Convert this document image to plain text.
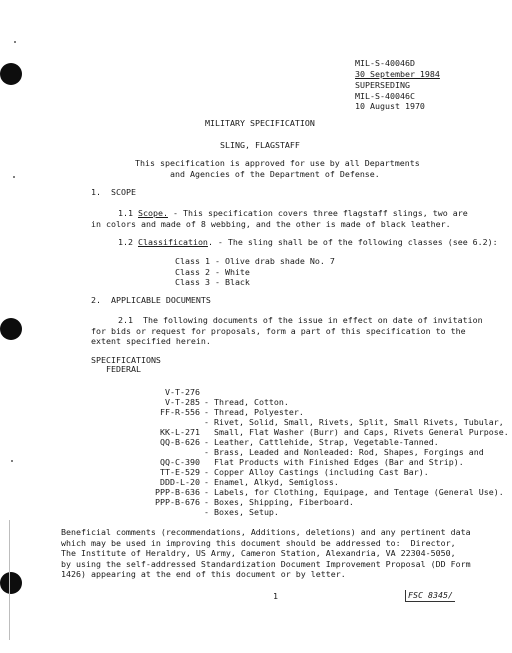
MIL-S-40046D
30 September 1984
SUPERSEDING
MIL-S-40046C
10 August 1970
MILITARY SPECIFICATION
SLING, FLAGSTAFF
This specification is approved for use by all Departments
and Agencies of the Department of Defense.
1.  SCOPE
1.1 Scope. - This specification covers three flagstaff slings, two are
in colors and made of 8 webbing, and the other is made of black leather.
1.2 Classification. - The sling shall be of the following classes (see 6.2):
Class 1 - Olive drab shade No. 7
Class 2 - White
Class 3 - Black
2.  APPLICABLE DOCUMENTS
2.1  The following documents of the issue in effect on date of invitation
for bids or request for proposals, form a part of this specification to the
extent specified herein.
SPECIFICATIONS
FEDERAL

V-T-276

- Thread, Cotton.

V-T-285

- Thread, Polyester.

FF-R-556

- Rivet, Solid, Small, Rivets, Split, Small Rivets, Tubular,

Small, Flat Washer (Burr) and Caps, Rivets General Purpose.

KK-L-271

- Leather, Cattlehide, Strap, Vegetable-Tanned.

QQ-B-626

- Brass, Leaded and Nonleaded: Rod, Shapes, Forgings and

Flat Products with Finished Edges (Bar and Strip).

QQ-C-390

- Copper Alloy Castings (including Cast Bar).

TT-E-529

- Enamel, Alkyd, Semigloss.

DDD-L-20

- Labels, for Clothing, Equipage, and Tentage (General Use).

PPP-B-636

- Boxes, Shipping, Fiberboard.

PPP-B-676

- Boxes, Setup.

Beneficial comments (recommendations, Additions, deletions) and any pertinent data
which may be used in improving this document should be addressed to:  Director,
The Institute of Heraldry, US Army, Cameron Station, Alexandria, VA 22304-5050,
by using the self-addressed Standardization Document Improvement Proposal (DD Form
1426) appearing at the end of this document or by letter.
1	FSC 8345/
